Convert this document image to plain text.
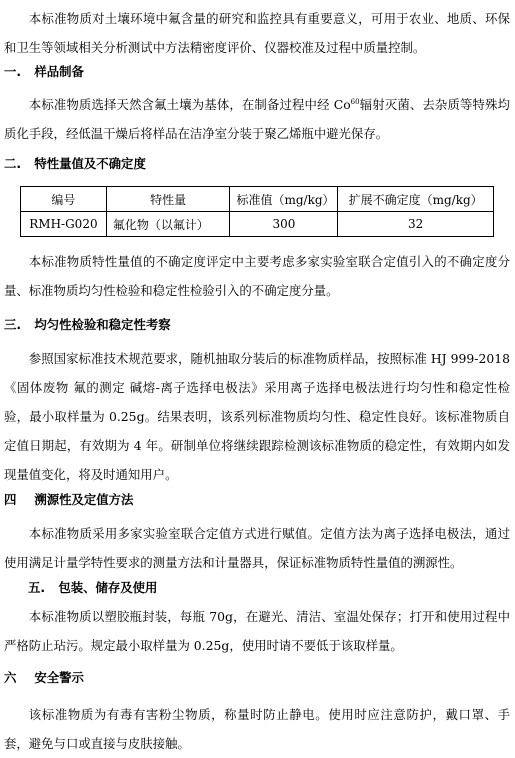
本标准物质对土壤环境中氟含量的研究和监控具有重要意义，可用于农业、地质、环保和卫生等领域相关分析测试中方法精密度评价、仪器校准及过程中质量控制。

一. 样品制备

本标准物质选择天然含氟土壤为基体，在制备过程中经 Co$^{60}$辐射灭菌、去杂质等特殊均质化手段，经低温干燥后将样品在洁净室分装于聚乙烯瓶中避光保存。

二. 特性量值及不确定度
编号	特性量	标准值（mg/kg）	扩展不确定度（mg/kg）
RMH-G020	氟化物（以氟计）	300	32

本标准物质特性量值的不确定度评定中主要考虑多家实验室联合定值引入的不确定度分量、标准物质均匀性检验和稳定性检验引入的不确定度分量。

三. 均匀性检验和稳定性考察

参照国家标准技术规范要求，随机抽取分装后的标准物质样品，按照标准 HJ 999-2018《固体废物 氟的测定 碱熔-离子选择电极法》采用离子选择电极法进行均匀性和稳定性检验，最小取样量为 0.25g。结果表明，该系列标准物质均匀性、稳定性良好。该标准物质自定值日期起，有效期为 4 年。研制单位将继续跟踪检测该标准物质的稳定性，有效期内如发现量值变化，将及时通知用户。

四 溯源性及定值方法

本标准物质采用多家实验室联合定值方式进行赋值。定值方法为离子选择电极法，通过使用满足计量学特性要求的测量方法和计量器具，保证标准物质特性量值的溯源性。

五. 包装、储存及使用

本标准物质以塑胶瓶封装，每瓶 70g，在避光、清洁、室温处保存；打开和使用过程中严格防止玷污。规定最小取样量为 0.25g，使用时请不要低于该取样量。

六 安全警示

该标准物质为有毒有害粉尘物质，称量时防止静电。使用时应注意防护，戴口罩、手套，避免与口或直接与皮肤接触。
